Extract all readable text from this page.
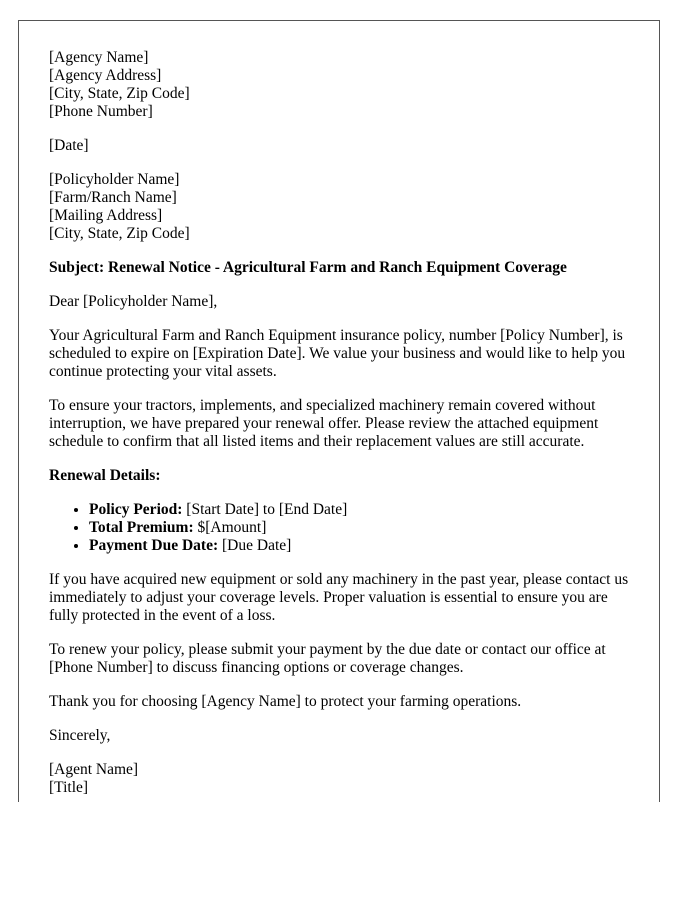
[Agency Name]
[Agency Address]
[City, State, Zip Code]
[Phone Number]

[Date]

[Policyholder Name]
[Farm/Ranch Name]
[Mailing Address]
[City, State, Zip Code]

Subject: Renewal Notice - Agricultural Farm and Ranch Equipment Coverage

Dear [Policyholder Name],

Your Agricultural Farm and Ranch Equipment insurance policy, number [Policy Number], is scheduled to expire on [Expiration Date]. We value your business and would like to help you continue protecting your vital assets.

To ensure your tractors, implements, and specialized machinery remain covered without interruption, we have prepared your renewal offer. Please review the attached equipment schedule to confirm that all listed items and their replacement values are still accurate.

Renewal Details:
• Policy Period: [Start Date] to [End Date]
• Total Premium: $[Amount]
• Payment Due Date: [Due Date]

If you have acquired new equipment or sold any machinery in the past year, please contact us immediately to adjust your coverage levels. Proper valuation is essential to ensure you are fully protected in the event of a loss.

To renew your policy, please submit your payment by the due date or contact our office at [Phone Number] to discuss financing options or coverage changes.

Thank you for choosing [Agency Name] to protect your farming operations.

Sincerely,

[Agent Name]
[Title]
